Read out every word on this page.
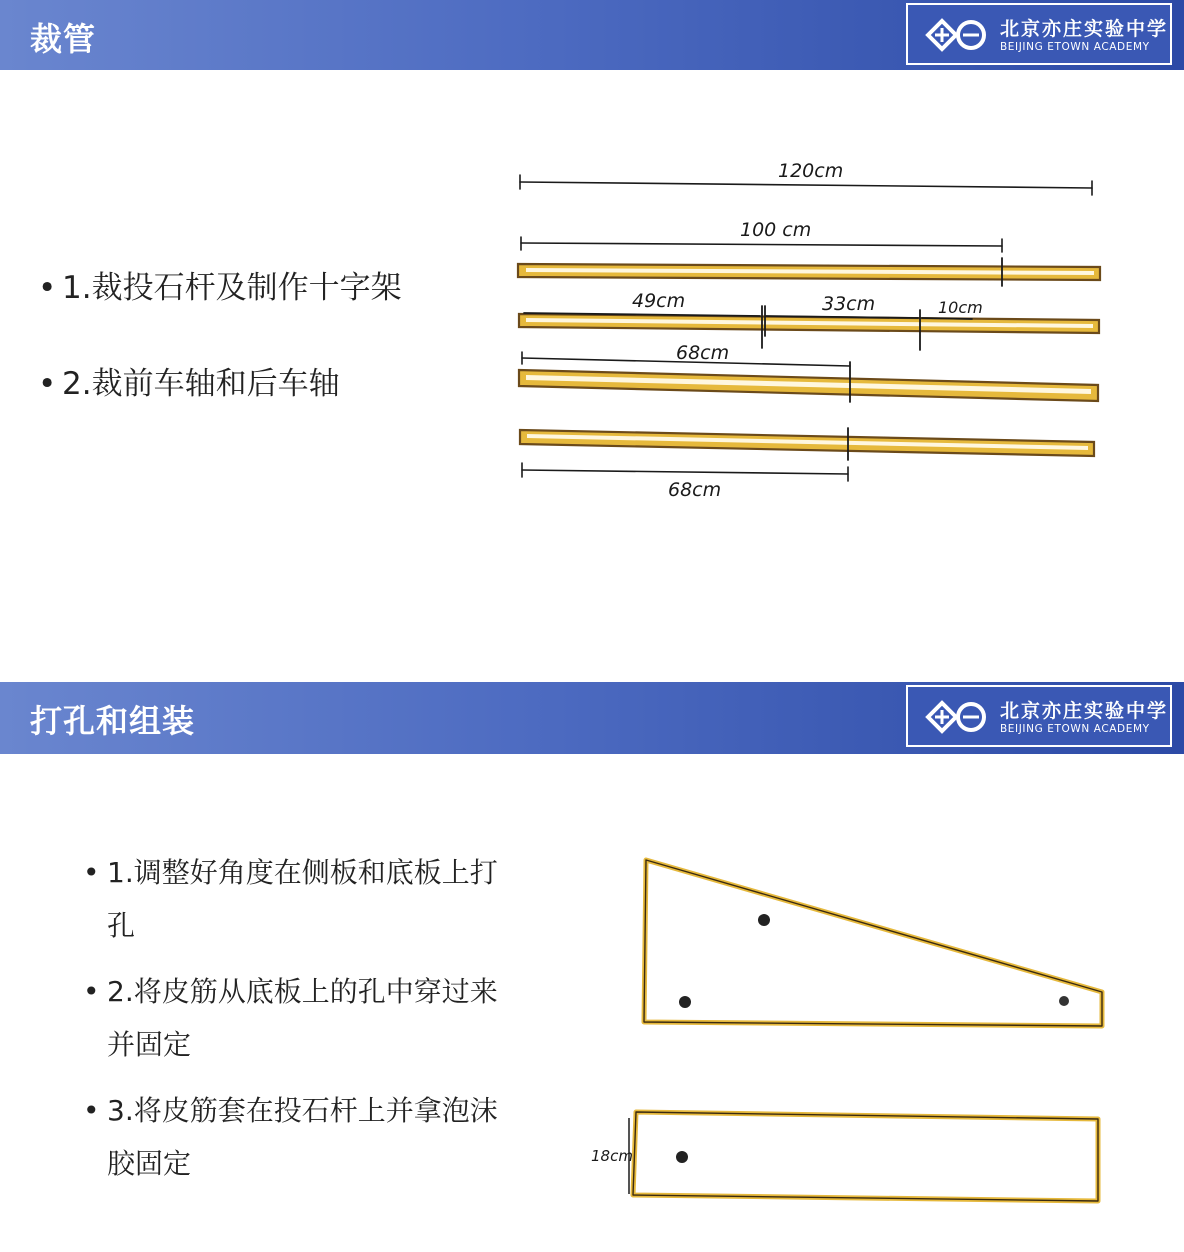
裁管	北京亦庄实验中学
BEIJING ETOWN ACADEMY
• 1.裁投石杆及制作十字架
• 2.裁前车轴和后车轴
120cm
100 cm
49cm	33cm	10cm
68cm
68cm
打孔和组装	北京亦庄实验中学
BEIJING ETOWN ACADEMY
• 1.调整好角度在侧板和底板上打孔
• 2.将皮筋从底板上的孔中穿过来并固定
• 3.将皮筋套在投石杆上并拿泡沫胶固定	18cm
